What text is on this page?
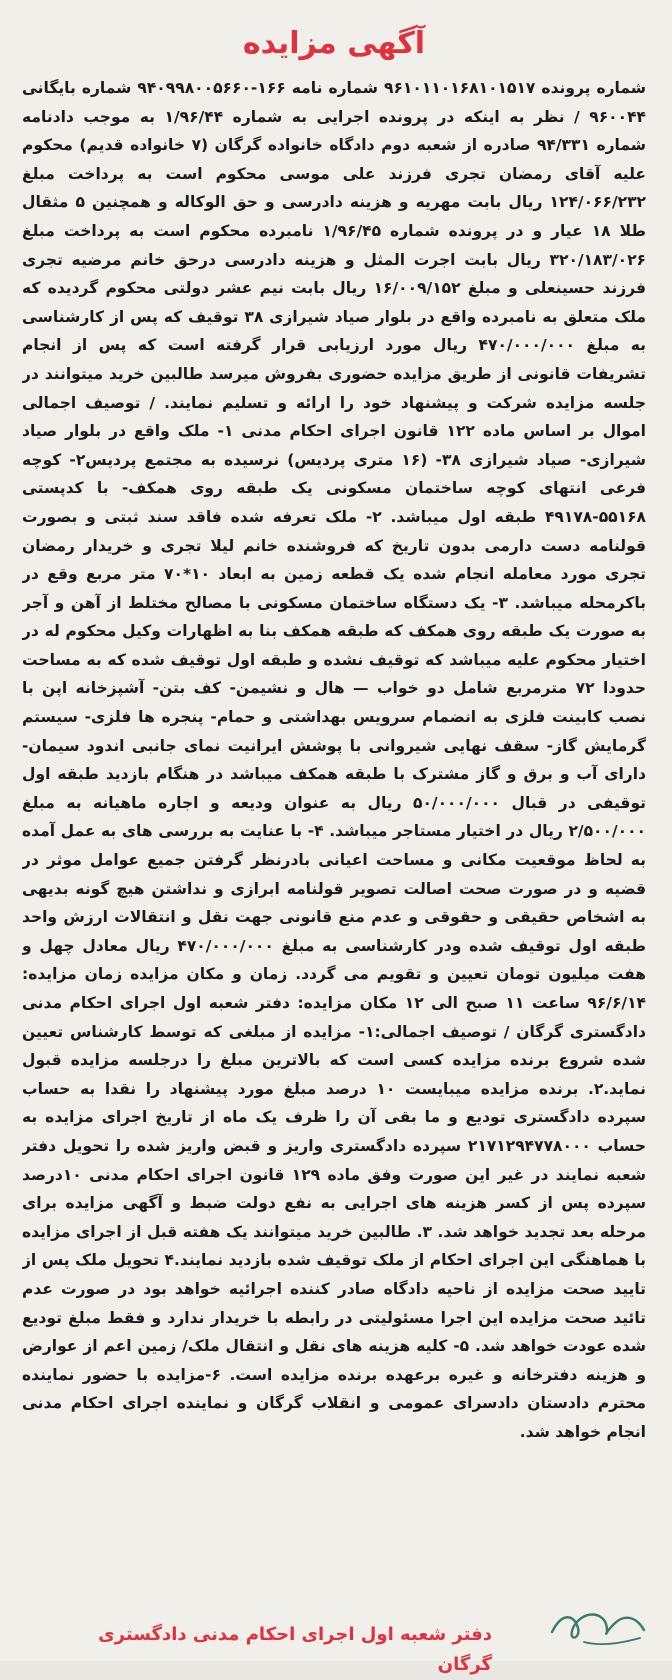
آگهی مزایده
شماره پرونده ۹۶۱۰۱۱۰۱۶۸۱۰۱۵۱۷ شماره نامه ۱۶۶-۹۴۰۹۹۸۰۰۵۶۶۰ شماره بایگانی ۹۶۰۰۴۴ / نظر به اینکه در پرونده اجرایی به شماره ۱/۹۶/۴۴ به موجب دادنامه شماره ۹۴/۳۳۱ صادره از شعبه دوم دادگاه خانواده گرگان (۷ خانواده قدیم) محکوم علیه آقای رمضان تجری فرزند علی موسی محکوم است به پرداخت مبلغ ۱۲۴/۰۶۶/۲۳۲ ریال بابت مهریه و هزینه دادرسی و حق الوکاله و همچنین ۵ مثقال طلا ۱۸ عیار و در پرونده شماره ۱/۹۶/۴۵ نامبرده محکوم است به پرداخت مبلغ ۳۲۰/۱۸۳/۰۲۶ ریال بابت اجرت المثل و هزینه دادرسی درحق خانم مرضیه تجری فرزند حسینعلی و مبلغ ۱۶/۰۰۹/۱۵۲ ریال بابت نیم عشر دولتی محکوم گردیده که ملک متعلق به نامبرده واقع در بلوار صیاد شیرازی ۳۸ توقیف که پس از کارشناسی به مبلغ ۴۷۰/۰۰۰/۰۰۰ ریال مورد ارزیابی قرار گرفته است که پس از انجام تشریفات قانونی از طریق مزایده حضوری بفروش میرسد طالبین خرید میتوانند در جلسه مزایده شرکت و پیشنهاد خود را ارائه و تسلیم نمایند. / توصیف اجمالی اموال بر اساس ماده ۱۲۲ قانون اجرای احکام مدنی ۱- ملک واقع در بلوار صیاد شیرازی- صیاد شیرازی ۳۸- (۱۶ متری پردیس) نرسیده به مجتمع پردیس۲- کوچه فرعی انتهای کوچه ساختمان مسکونی یک طبقه روی همکف- با کدپستی ۵۵۱۶۸-۴۹۱۷۸ طبقه اول میباشد. ۲- ملک تعرفه شده فاقد سند ثبتی و بصورت قولنامه دست دارمی بدون تاریخ که فروشنده خانم لیلا تجری و خریدار رمضان تجری مورد معامله انجام شده یک قطعه زمین به ابعاد ۱۰*۷۰ متر مربع وقع در باکرمحله میباشد. ۳- یک دستگاه ساختمان مسکونی با مصالح مختلط از آهن و آجر به صورت یک طبقه روی همکف که طبقه همکف بنا به اظهارات وکیل محکوم له در اختیار محکوم علیه میباشد که توقیف نشده و طبقه اول توقیف شده که به مساحت حدودا ۷۲ مترمربع شامل دو خواب — هال و نشیمن- کف بتن- آشپزخانه اپن با نصب کابینت فلزی به انضمام سرویس بهداشتی و حمام- پنجره ها فلزی- سیستم گرمایش گاز- سقف نهایی شیروانی با پوشش ایرانیت نمای جانبی اندود سیمان- دارای آب و برق و گاز مشترک با طبقه همکف میباشد در هنگام بازدید طبقه اول توقیفی در قبال ۵۰/۰۰۰/۰۰۰ ریال به عنوان ودیعه و اجاره ماهیانه به مبلغ ۲/۵۰۰/۰۰۰ ریال در اختیار مستاجر میباشد. ۴- با عنایت به بررسی های به عمل آمده به لحاظ موقعیت مکانی و مساحت اعیانی بادرنظر گرفتن جمیع عوامل موثر در قضیه و در صورت صحت اصالت تصویر قولنامه ابرازی و نداشتن هیچ گونه بدیهی به اشخاص حقیقی و حقوقی و عدم منع قانونی جهت نقل و انتقالات ارزش واحد طبقه اول توقیف شده ودر کارشناسی به مبلغ ۴۷۰/۰۰۰/۰۰۰ ریال معادل چهل و هفت میلیون تومان تعیین و تقویم می گردد. زمان و مکان مزایده زمان مزایده: ۹۶/۶/۱۴ ساعت ۱۱ صبح الی ۱۲ مکان مزایده: دفتر شعبه اول اجرای احکام مدنی دادگستری گرگان / توصیف اجمالی:۱- مزایده از مبلغی که توسط کارشناس تعیین شده شروع برنده مزایده کسی است که بالاترین مبلغ را درجلسه مزایده قبول نماید.۲. برنده مزایده میبایست ۱۰ درصد مبلغ مورد پیشنهاد را نقدا به حساب سپرده دادگستری تودیع و ما بقی آن را ظرف یک ماه از تاریخ اجرای مزایده به حساب ۲۱۷۱۲۹۴۷۷۸۰۰۰ سپرده دادگستری واریز و قبض واریز شده را تحویل دفتر شعبه نمایند در غیر این صورت وفق ماده ۱۲۹ قانون اجرای احکام مدنی ۱۰درصد سپرده پس از کسر هزینه های اجرایی به نفع دولت ضبط و آگهی مزایده برای مرحله بعد تجدید خواهد شد. ۳. طالبین خرید میتوانند یک هفته قبل از اجرای مزایده با هماهنگی این اجرای احکام از ملک توقیف شده بازدید نمایند.۴ تحویل ملک پس از تایید صحت مزایده از ناحیه دادگاه صادر کننده اجرائیه خواهد بود در صورت عدم تائید صحت مزایده این اجرا مسئولیتی در رابطه با خریدار ندارد و فقط مبلغ تودیع شده عودت خواهد شد. ۵- کلیه هزینه های نقل و انتقال ملک/ زمین اعم از عوارض و هزینه دفترخانه و غیره برعهده برنده مزایده است. ۶-مزایده با حضور نماینده محترم دادستان دادسرای عمومی و انقلاب گرگان و نماینده اجرای احکام مدنی انجام خواهد شد.
دفتر شعبه اول اجرای احکام مدنی دادگستری گرگان
